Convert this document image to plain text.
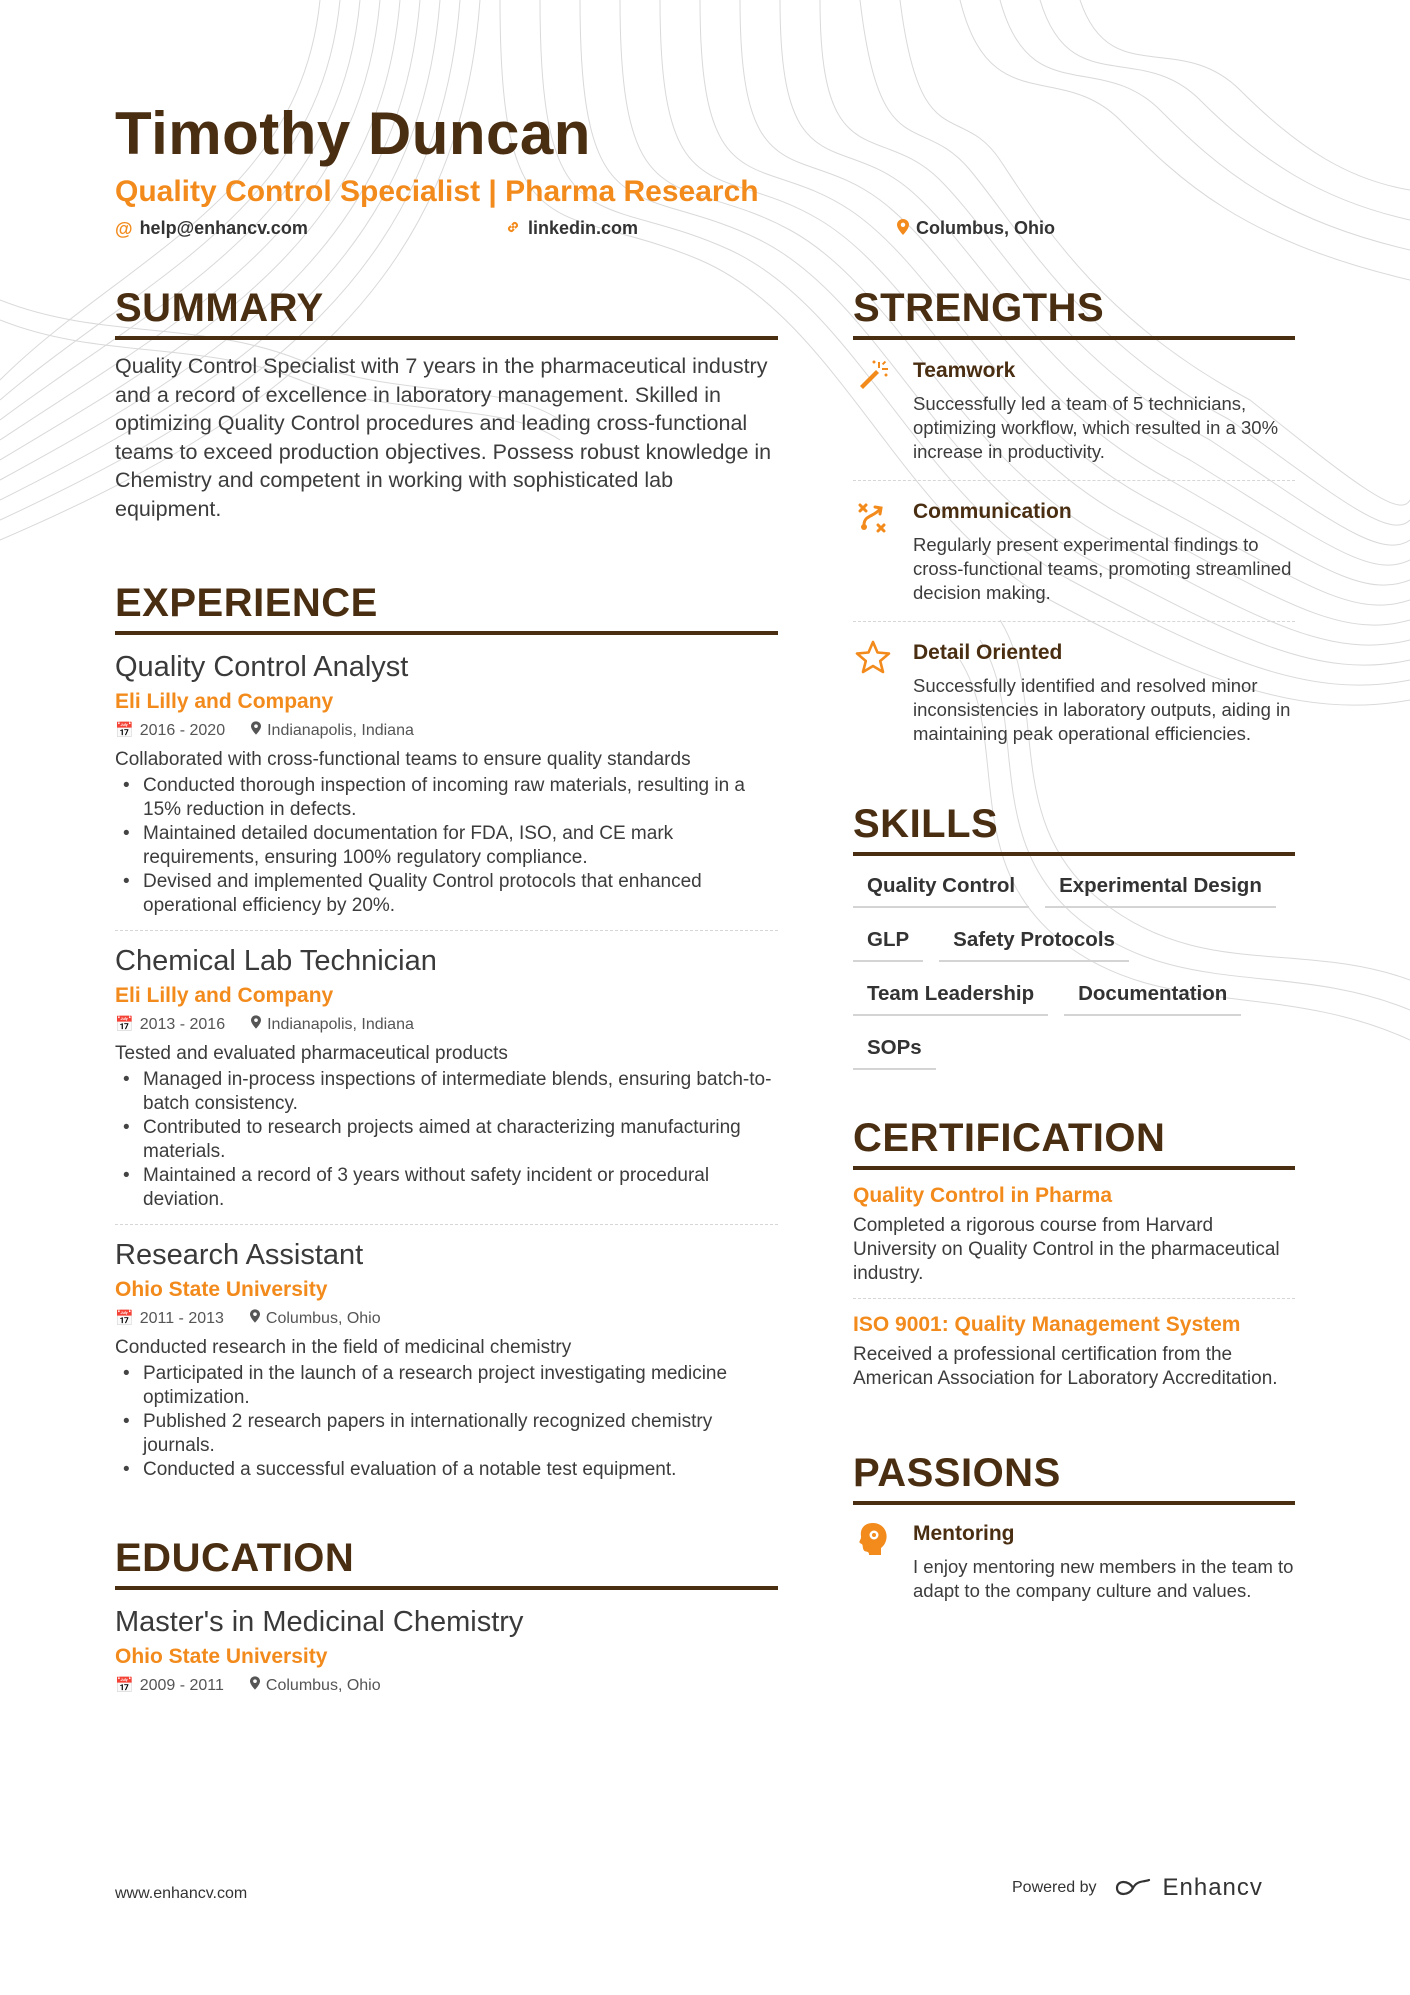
Timothy Duncan
Quality Control Specialist | Pharma Research
@ help@enhancv.com	linkedin.com	Columbus, Ohio
SUMMARY
Quality Control Specialist with 7 years in the pharmaceutical industry and a record of excellence in laboratory management. Skilled in optimizing Quality Control procedures and leading cross-functional teams to exceed production objectives. Possess robust knowledge in Chemistry and competent in working with sophisticated lab equipment.
EXPERIENCE
Quality Control Analyst
Eli Lilly and Company
📅 2016 - 2020	Indianapolis, Indiana
Collaborated with cross-functional teams to ensure quality standards
• Conducted thorough inspection of incoming raw materials, resulting in a 15% reduction in defects.
• Maintained detailed documentation for FDA, ISO, and CE mark requirements, ensuring 100% regulatory compliance.
• Devised and implemented Quality Control protocols that enhanced operational efficiency by 20%.
Chemical Lab Technician
Eli Lilly and Company
📅 2013 - 2016	Indianapolis, Indiana
Tested and evaluated pharmaceutical products
• Managed in-process inspections of intermediate blends, ensuring batch-to-batch consistency.
• Contributed to research projects aimed at characterizing manufacturing materials.
• Maintained a record of 3 years without safety incident or procedural deviation.
Research Assistant
Ohio State University
📅 2011 - 2013	Columbus, Ohio
Conducted research in the field of medicinal chemistry
• Participated in the launch of a research project investigating medicine optimization.
• Published 2 research papers in internationally recognized chemistry journals.
• Conducted a successful evaluation of a notable test equipment.
EDUCATION
Master's in Medicinal Chemistry
Ohio State University
📅 2009 - 2011	Columbus, Ohio
STRENGTHS
Teamwork
Successfully led a team of 5 technicians, optimizing workflow, which resulted in a 30% increase in productivity.
Communication
Regularly present experimental findings to cross-functional teams, promoting streamlined decision making.
Detail Oriented
Successfully identified and resolved minor inconsistencies in laboratory outputs, aiding in maintaining peak operational efficiencies.
SKILLS
Quality Control	Experimental Design
GLP	Safety Protocols
Team Leadership	Documentation
SOPs
CERTIFICATION
Quality Control in Pharma
Completed a rigorous course from Harvard University on Quality Control in the pharmaceutical industry.
ISO 9001: Quality Management System
Received a professional certification from the American Association for Laboratory Accreditation.
PASSIONS
Mentoring
I enjoy mentoring new members in the team to adapt to the company culture and values.
www.enhancv.com	Powered by	Enhancv
